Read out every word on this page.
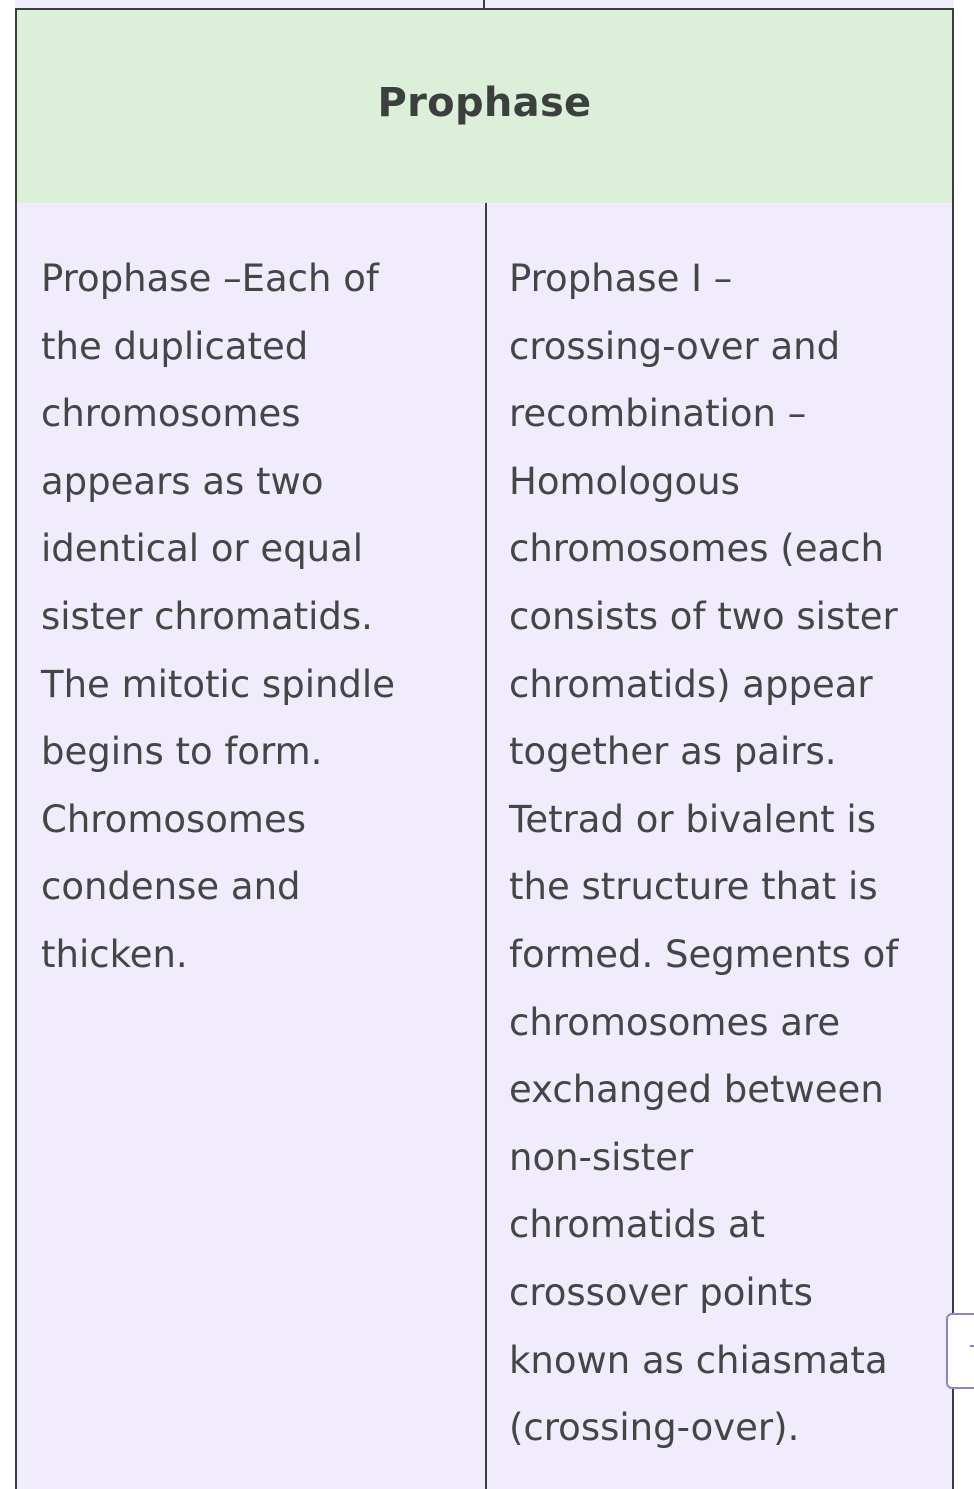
Prophase
Prophase –Each of
the duplicated
chromosomes
appears as two
identical or equal
sister chromatids.
The mitotic spindle
begins to form.
Chromosomes
condense and
thicken.
Prophase I –
crossing-over and
recombination –
Homologous
chromosomes (each
consists of two sister
chromatids) appear
together as pairs.
Tetrad or bivalent is
the structure that is
formed. Segments of
chromosomes are
exchanged between
non-sister
chromatids at
crossover points
known as chiasmata
(crossing-over).
